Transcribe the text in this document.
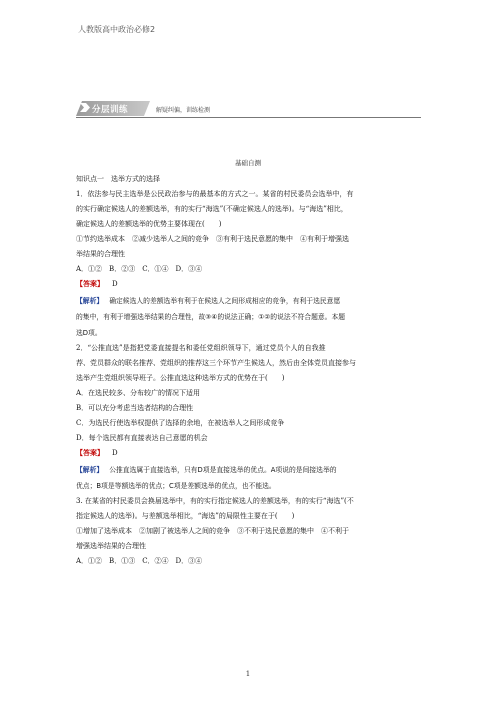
人教版高中政治必修2
分层训练	解疑纠偏，训练检测
基础自测
知识点一　选举方式的选择
1．依法参与民主选举是公民政治参与的最基本的方式之一。某省的村民委员会选举中，有
的实行确定候选人的差额选举，有的实行“海选”(不确定候选人的选举)。与“海选”相比，
确定候选人的差额选举的优势主要体现在(　　)
①节约选举成本　②减少选举人之间的竞争　③有利于选民意愿的集中　④有利于增强选
举结果的合理性
A．①②　B．②③　C．①④　D．③④
【答案】 D
【解析】 确定候选人的差额选举有利于在候选人之间形成相应的竞争，有利于选民意愿
的集中，有利于增强选举结果的合理性，故③④的说法正确；①②的说法不符合题意。本题
选D项。
2．“公推直选”是指把党委直接提名和委任党组织领导下，通过党员个人的自我推
荐、党员群众的联名推荐、党组织的推荐这三个环节产生候选人，然后由全体党员直接参与
选举产生党组织领导班子。公推直选这种选举方式的优势在于(　　)
A．在选民较多、分布较广的情况下适用
B．可以充分考虑当选者结构的合理性
C．为选民行使选举权提供了选择的余地，在被选举人之间形成竞争
D．每个选民都有直接表达自己意愿的机会
【答案】 D
【解析】 公推直选属于直接选举，只有D项是直接选举的优点。A项说的是间接选举的
优点；B项是等额选举的优点；C项是差额选举的优点，也不能选。
3. 在某省的村民委员会换届选举中，有的实行指定候选人的差额选举，有的实行“海选”(不
指定候选人的选举)。与差额选举相比，“海选”的局限性主要在于(　　)
①增加了选举成本　②加剧了被选举人之间的竞争　③不利于选民意愿的集中　④不利于
增强选举结果的合理性
A．①②　B．①③　C．②④　D．③④
1
